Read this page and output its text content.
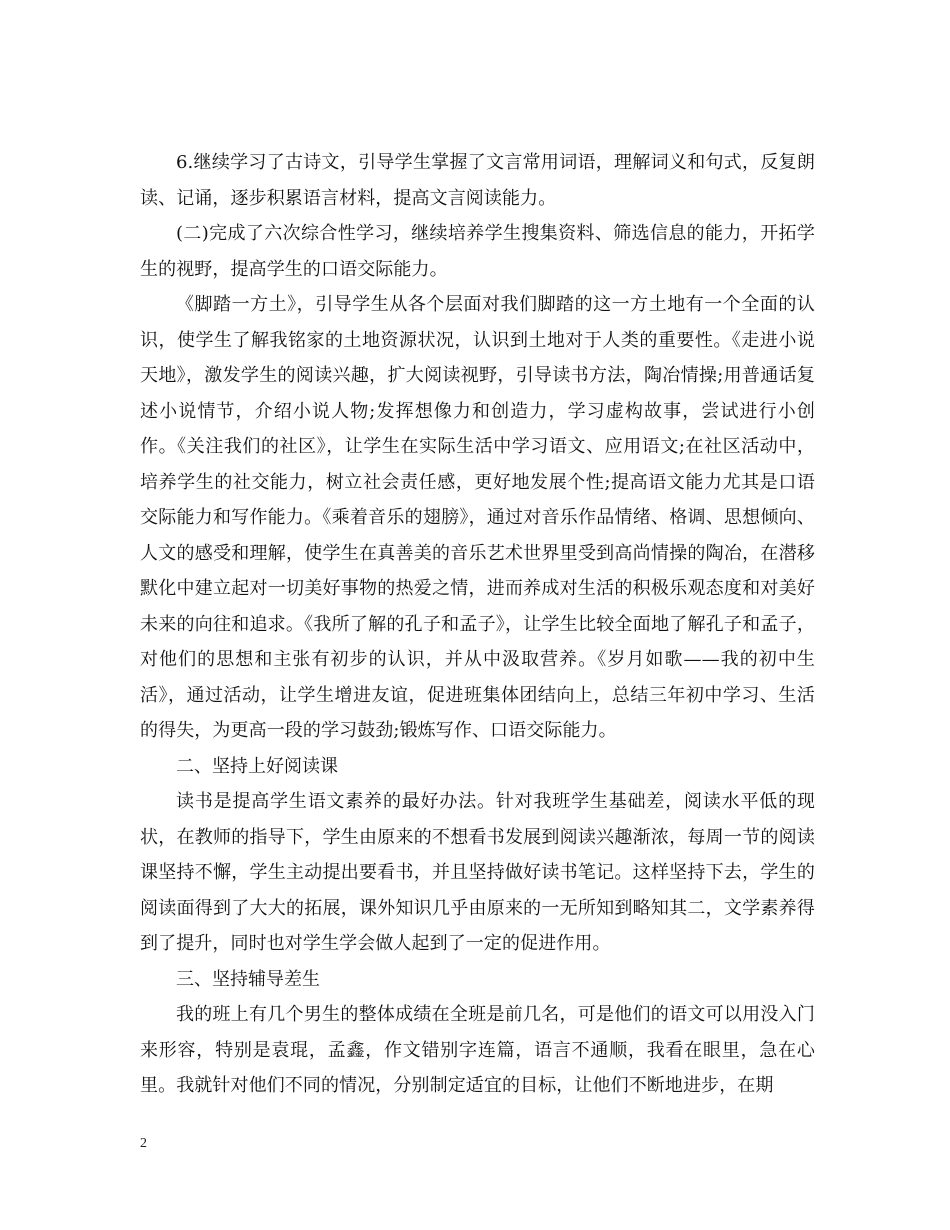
6.继续学习了古诗文，引导学生掌握了文言常用词语，理解词义和句式，反复朗读、记诵，逐步积累语言材料，提高文言阅读能力。

(二)完成了六次综合性学习，继续培养学生搜集资料、筛选信息的能力，开拓学生的视野，提高学生的口语交际能力。

《脚踏一方土》，引导学生从各个层面对我们脚踏的这一方土地有一个全面的认识，使学生了解我铭家的土地资源状况，认识到土地对于人类的重要性。《走进小说天地》，激发学生的阅读兴趣，扩大阅读视野，引导读书方法，陶冶情操;用普通话复述小说情节，介绍小说人物;发挥想像力和创造力，学习虚构故事，尝试进行小创作。《关注我们的社区》，让学生在实际生活中学习语文、应用语文;在社区活动中，培养学生的社交能力，树立社会责任感，更好地发展个性;提高语文能力尤其是口语交际能力和写作能力。《乘着音乐的翅膀》，通过对音乐作品情绪、格调、思想倾向、人文的感受和理解，使学生在真善美的音乐艺术世界里受到高尚情操的陶冶，在潜移默化中建立起对一切美好事物的热爱之情，进而养成对生活的积极乐观态度和对美好未来的向往和追求。《我所了解的孔子和孟子》，让学生比较全面地了解孔子和孟子，对他们的思想和主张有初步的认识，并从中汲取营养。《岁月如歌——我的初中生活》，通过活动，让学生增进友谊，促进班集体团结向上，总结三年初中学习、生活的得失，为更高一段的学习鼓劲;锻炼写作、口语交际能力。

二、坚持上好阅读课

读书是提高学生语文素养的最好办法。针对我班学生基础差，阅读水平低的现状，在教师的指导下，学生由原来的不想看书发展到阅读兴趣渐浓，每周一节的阅读课坚持不懈，学生主动提出要看书，并且坚持做好读书笔记。这样坚持下去，学生的阅读面得到了大大的拓展，课外知识几乎由原来的一无所知到略知其二，文学素养得到了提升，同时也对学生学会做人起到了一定的促进作用。

三、坚持辅导差生

我的班上有几个男生的整体成绩在全班是前几名，可是他们的语文可以用没入门来形容，特别是袁琨，孟鑫，作文错别字连篇，语言不通顺，我看在眼里，急在心里。我就针对他们不同的情况，分别制定适宜的目标，让他们不断地进步，在期

2
